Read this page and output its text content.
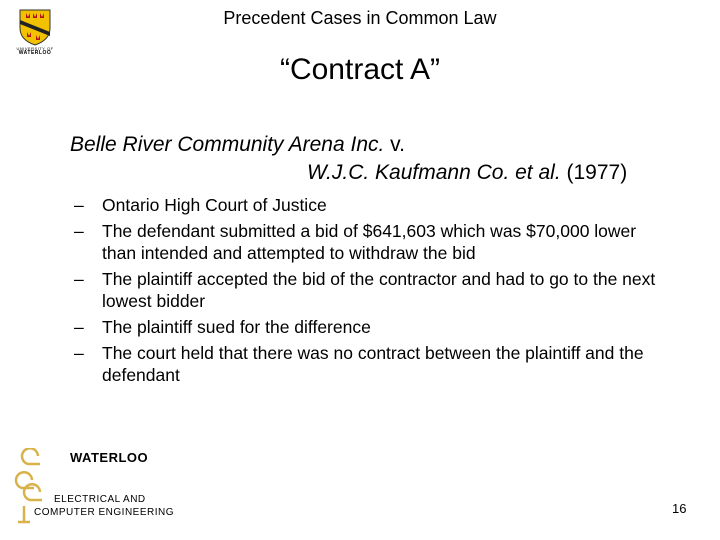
UNIVERSITY OF
WATERLOO
Precedent Cases in Common Law
“Contract A”
Belle River Community Arena Inc. v.
W.J.C. Kaufmann Co. et al. (1977)
– Ontario High Court of Justice
– The defendant submitted a bid of $641,603 which was $70,000 lower than intended and attempted to withdraw the bid
– The plaintiff accepted the bid of the contractor and had to go to the next lowest bidder
– The plaintiff sued for the difference
– The court held that there was no contract between the plaintiff and the defendant
WATERLOO
ELECTRICAL AND
COMPUTER ENGINEERING	16
